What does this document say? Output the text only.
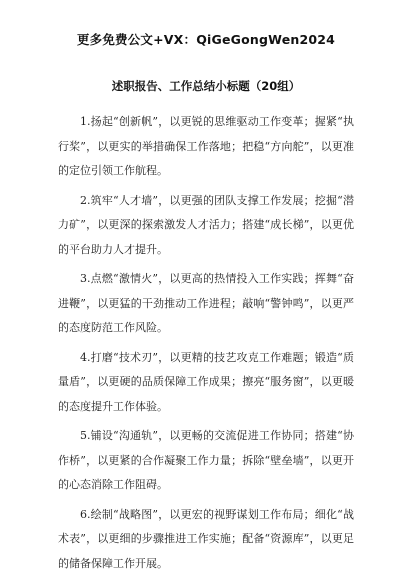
更多免费公文+VX：QiGeGongWen2024
述职报告、工作总结小标题（20组）

1.扬起“创新帆”，以更锐的思维驱动工作变革；握紧“执行桨”，以更实的举措确保工作落地；把稳“方向舵”，以更准的定位引领工作航程。

2.筑牢“人才墙”，以更强的团队支撑工作发展；挖掘“潜力矿”，以更深的探索激发人才活力；搭建“成长梯”，以更优的平台助力人才提升。

3.点燃“激情火”，以更高的热情投入工作实践；挥舞“奋进鞭”，以更猛的干劲推动工作进程；敲响“警钟鸣”，以更严的态度防范工作风险。

4.打磨“技术刃”，以更精的技艺攻克工作难题；锻造“质量盾”，以更硬的品质保障工作成果；擦亮“服务窗”，以更暖的态度提升工作体验。

5.铺设“沟通轨”，以更畅的交流促进工作协同；搭建“协作桥”，以更紧的合作凝聚工作力量；拆除“壁垒墙”，以更开的心态消除工作阻碍。

6.绘制“战略图”，以更宏的视野谋划工作布局；细化“战术表”，以更细的步骤推进工作实施；配备“资源库”，以更足的储备保障工作开展。
